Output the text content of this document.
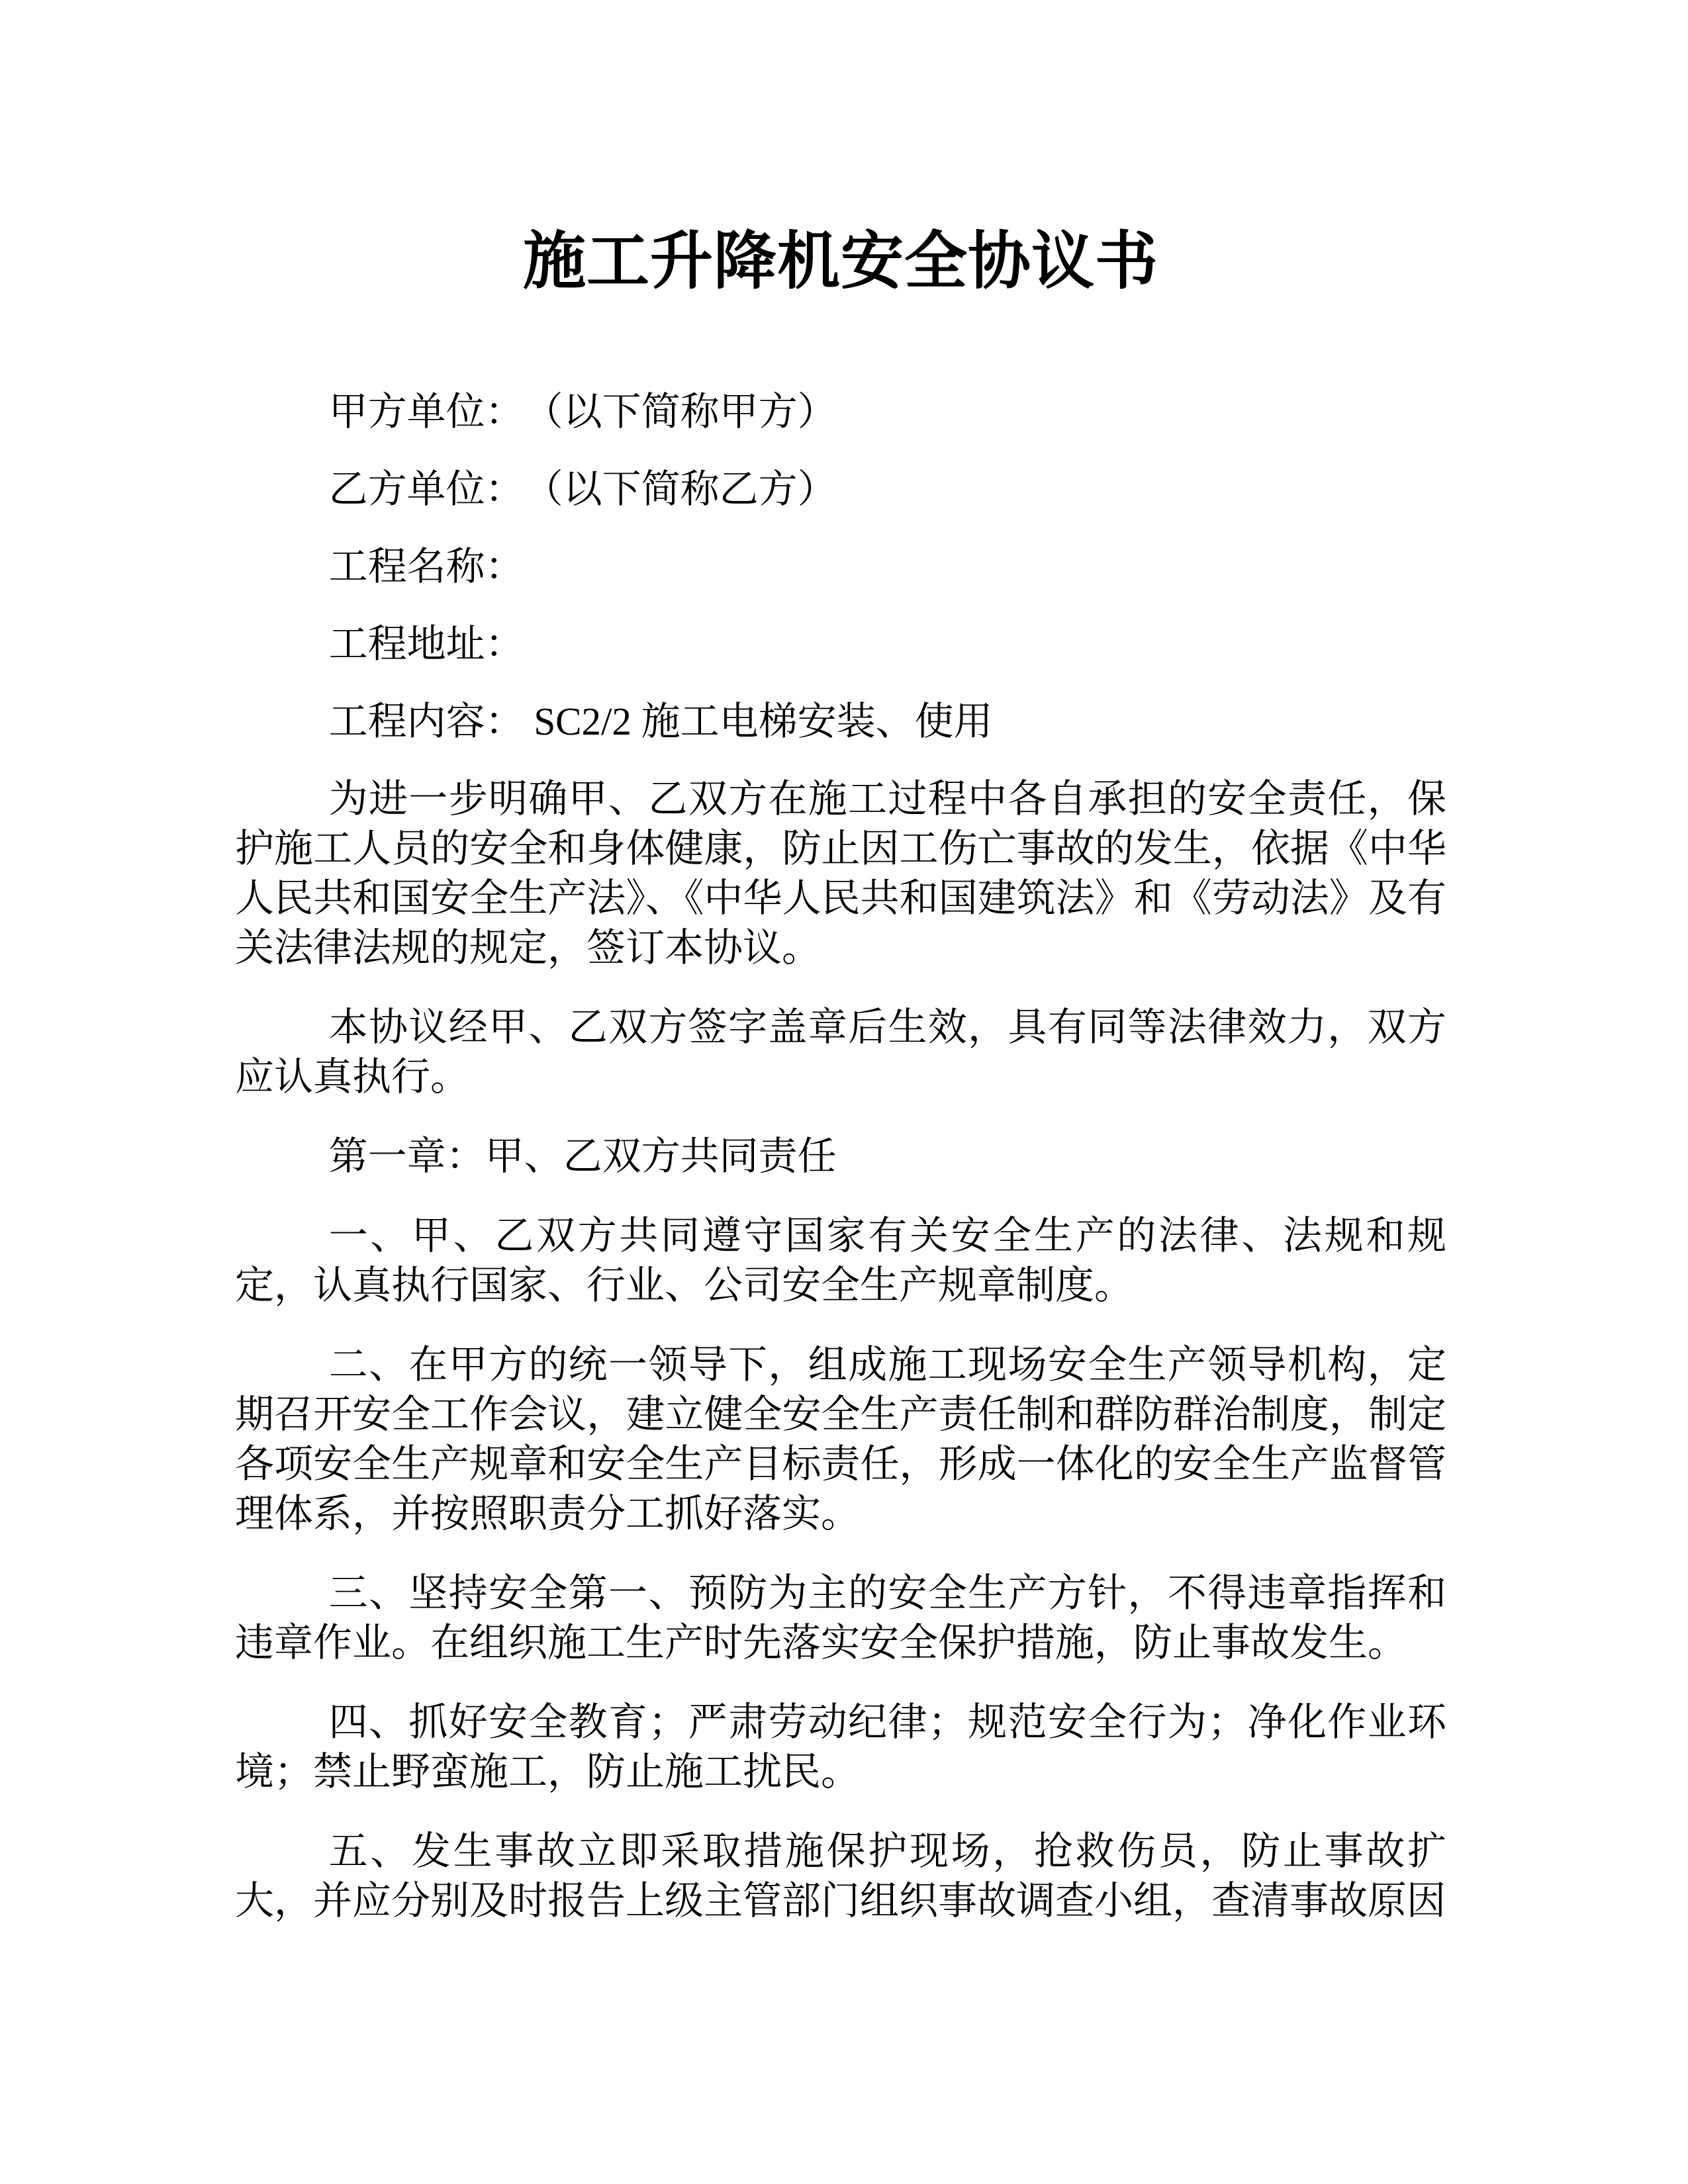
施工升降机安全协议书

甲方单位：　（以下简称甲方）

乙方单位：　（以下简称乙方）

工程名称：

工程地址：

工程内容： SC2/2 施工电梯安装、使用

为进一步明确甲、乙双方在施工过程中各自承担的安全责任，保护施工人员的安全和身体健康，防止因工伤亡事故的发生，依据《中华人民共和国安全生产法》、《中华人民共和国建筑法》和《劳动法》及有关法律法规的规定，签订本协议。

本协议经甲、乙双方签字盖章后生效，具有同等法律效力，双方应认真执行。

第一章：甲、乙双方共同责任

一、甲、乙双方共同遵守国家有关安全生产的法律、法规和规定，认真执行国家、行业、公司安全生产规章制度。

二、在甲方的统一领导下，组成施工现场安全生产领导机构，定期召开安全工作会议，建立健全安全生产责任制和群防群治制度，制定各项安全生产规章和安全生产目标责任，形成一体化的安全生产监督管理体系，并按照职责分工抓好落实。

三、坚持安全第一、预防为主的安全生产方针，不得违章指挥和违章作业。在组织施工生产时先落实安全保护措施，防止事故发生。

四、抓好安全教育；严肃劳动纪律；规范安全行为；净化作业环境；禁止野蛮施工，防止施工扰民。

五、发生事故立即采取措施保护现场，抢救伤员，防止事故扩大，并应分别及时报告上级主管部门组织事故调查小组，查清事故原因
